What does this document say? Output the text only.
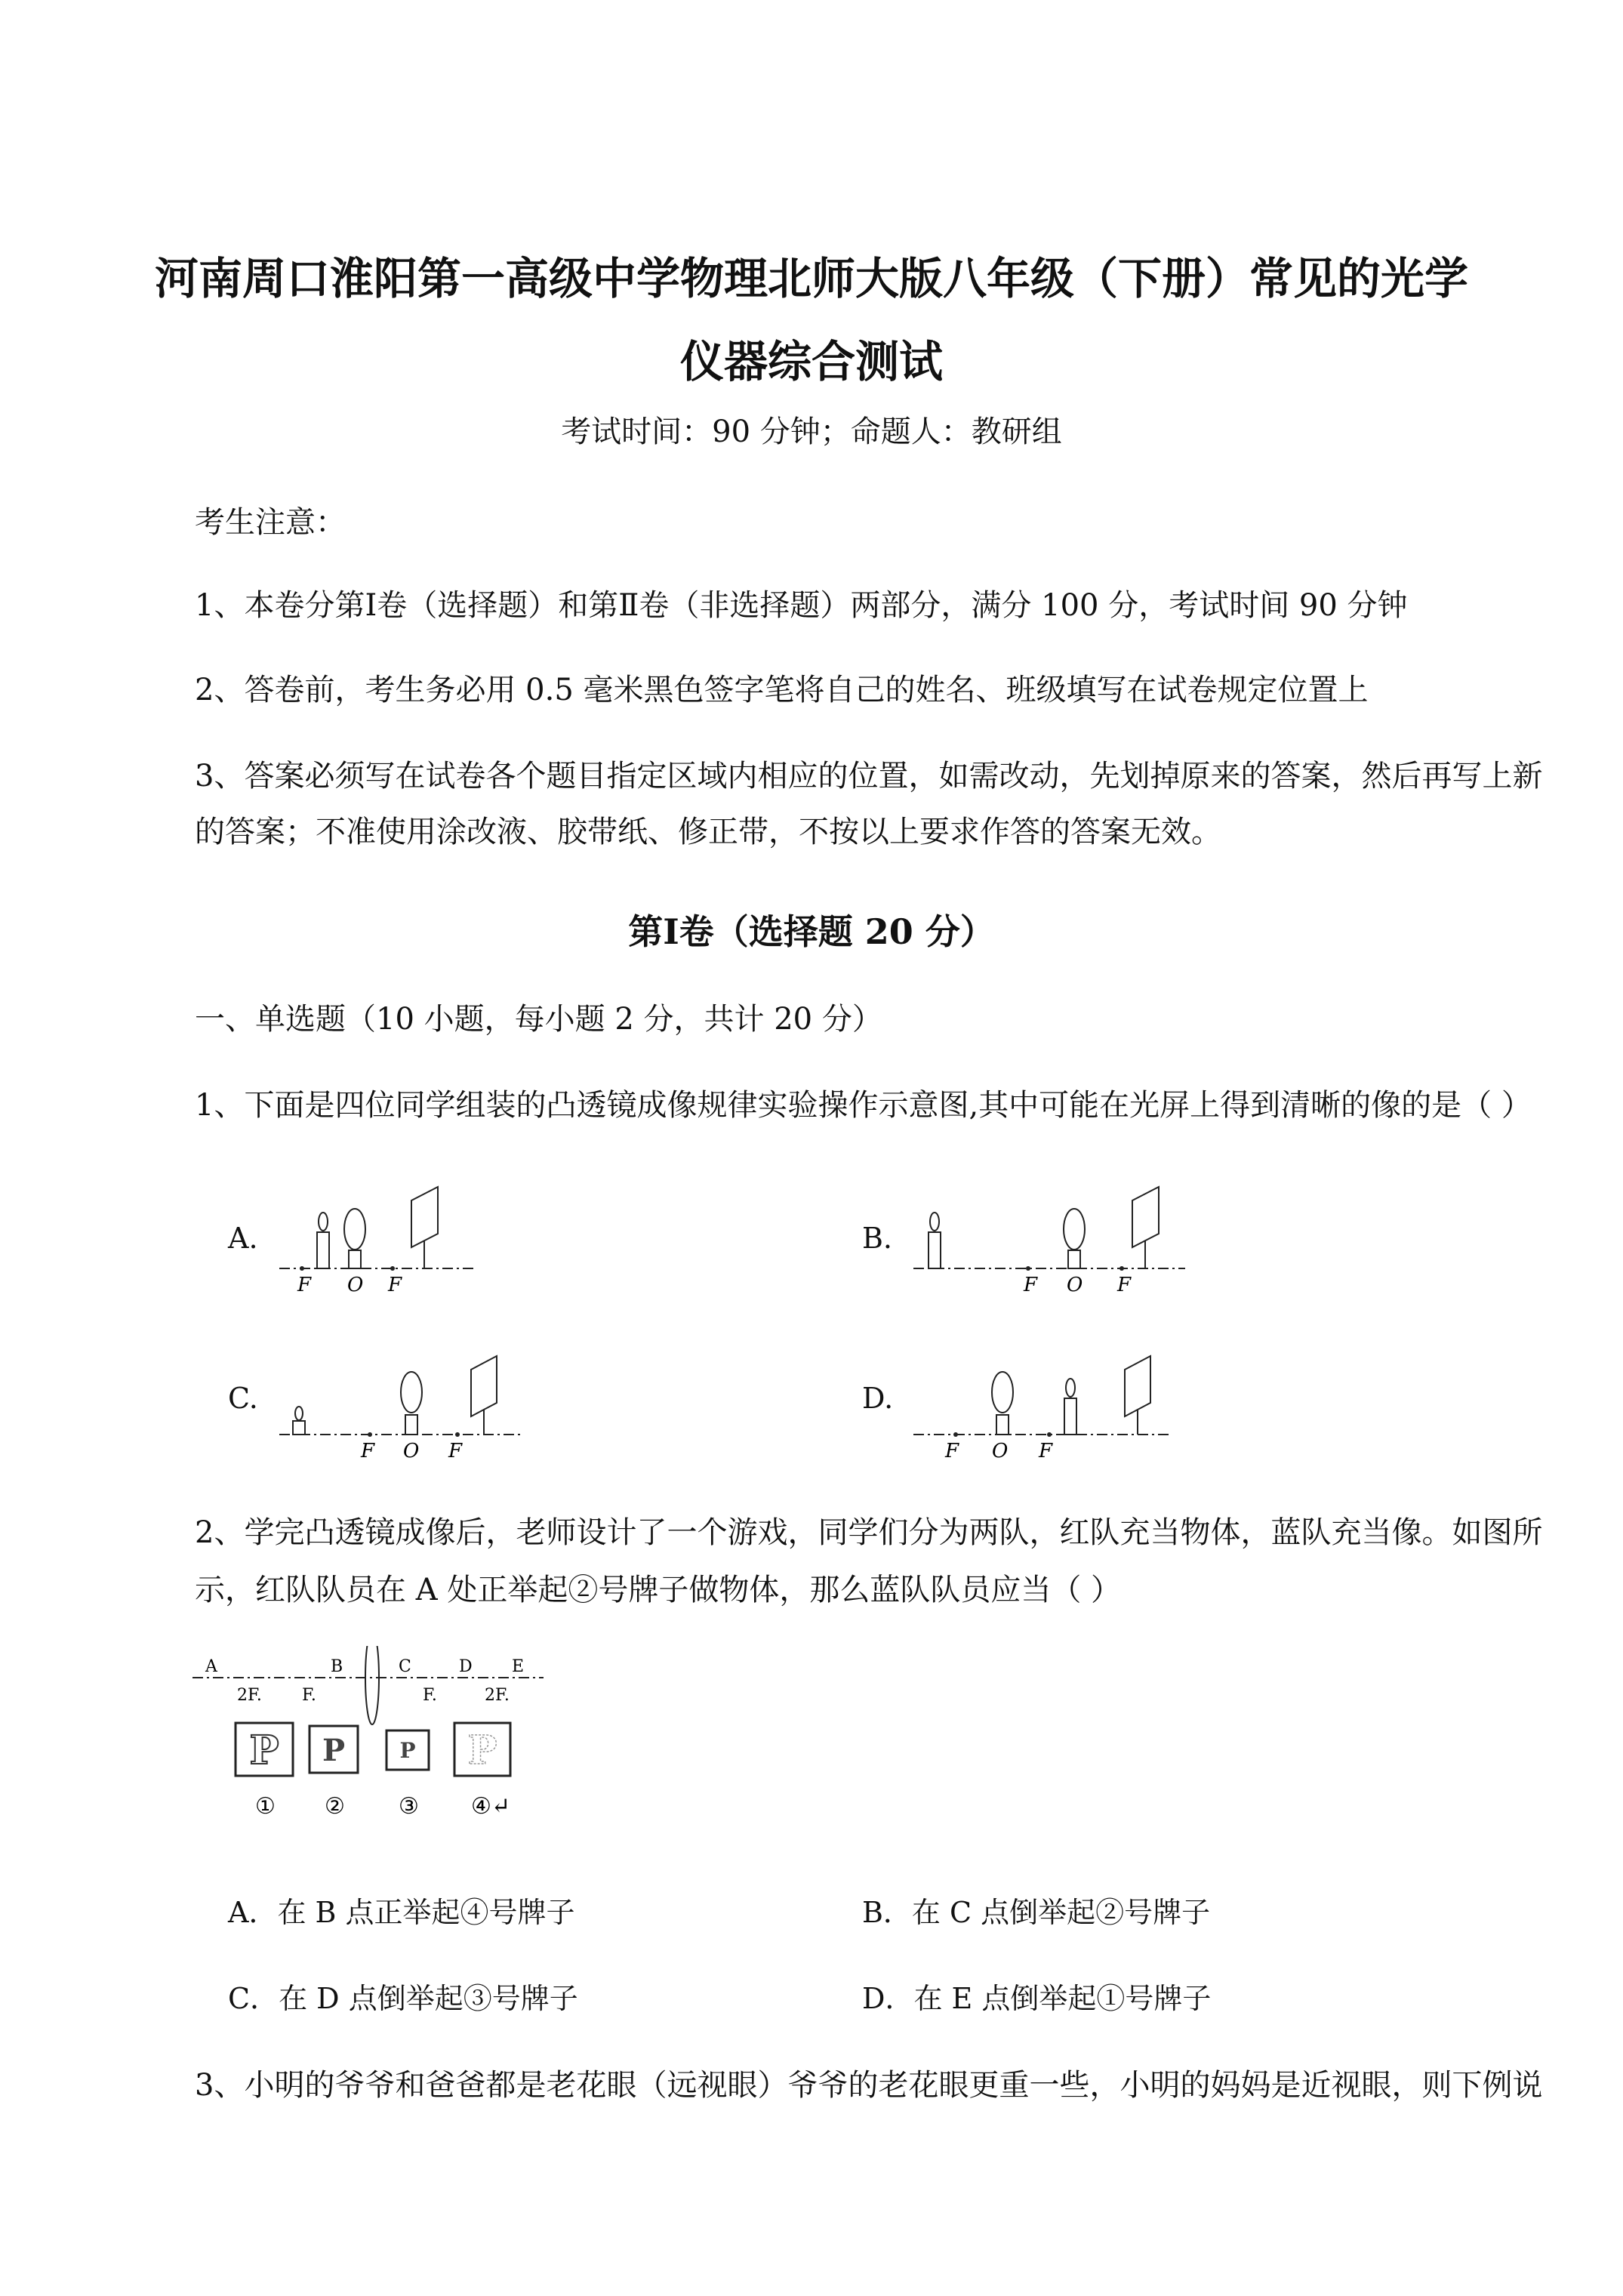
河南周口淮阳第一高级中学物理北师大版八年级（下册）常见的光学
仪器综合测试
考试时间：90 分钟；命题人：教研组
考生注意：
1、本卷分第Ⅰ卷（选择题）和第Ⅱ卷（非选择题）两部分，满分 100 分，考试时间 90 分钟
2、答卷前，考生务必用 0.5 毫米黑色签字笔将自己的姓名、班级填写在试卷规定位置上
3、答案必须写在试卷各个题目指定区域内相应的位置，如需改动，先划掉原来的答案，然后再写上新
的答案；不准使用涂改液、胶带纸、修正带，不按以上要求作答的答案无效。
第Ⅰ卷（选择题 20 分）
一、单选题（10 小题，每小题 2 分，共计 20 分）
1、下面是四位同学组装的凸透镜成像规律实验操作示意图,其中可能在光屏上得到清晰的像的是（ ）
A.	B.
C.	D.
F O F	F O F
F O F	F O F
2、学完凸透镜成像后，老师设计了一个游戏，同学们分为两队，红队充当物体，蓝队充当像。如图所
示，红队队员在 A 处正举起②号牌子做物体，那么蓝队队员应当（ ）
A	B	C	D E
2F. F.	F.	2F.
P P	P P
① ② ③ ④↵
A．在 B 点正举起④号牌子	B．在 C 点倒举起②号牌子
C．在 D 点倒举起③号牌子	D．在 E 点倒举起①号牌子
3、小明的爷爷和爸爸都是老花眼（远视眼）爷爷的老花眼更重一些，小明的妈妈是近视眼，则下例说
